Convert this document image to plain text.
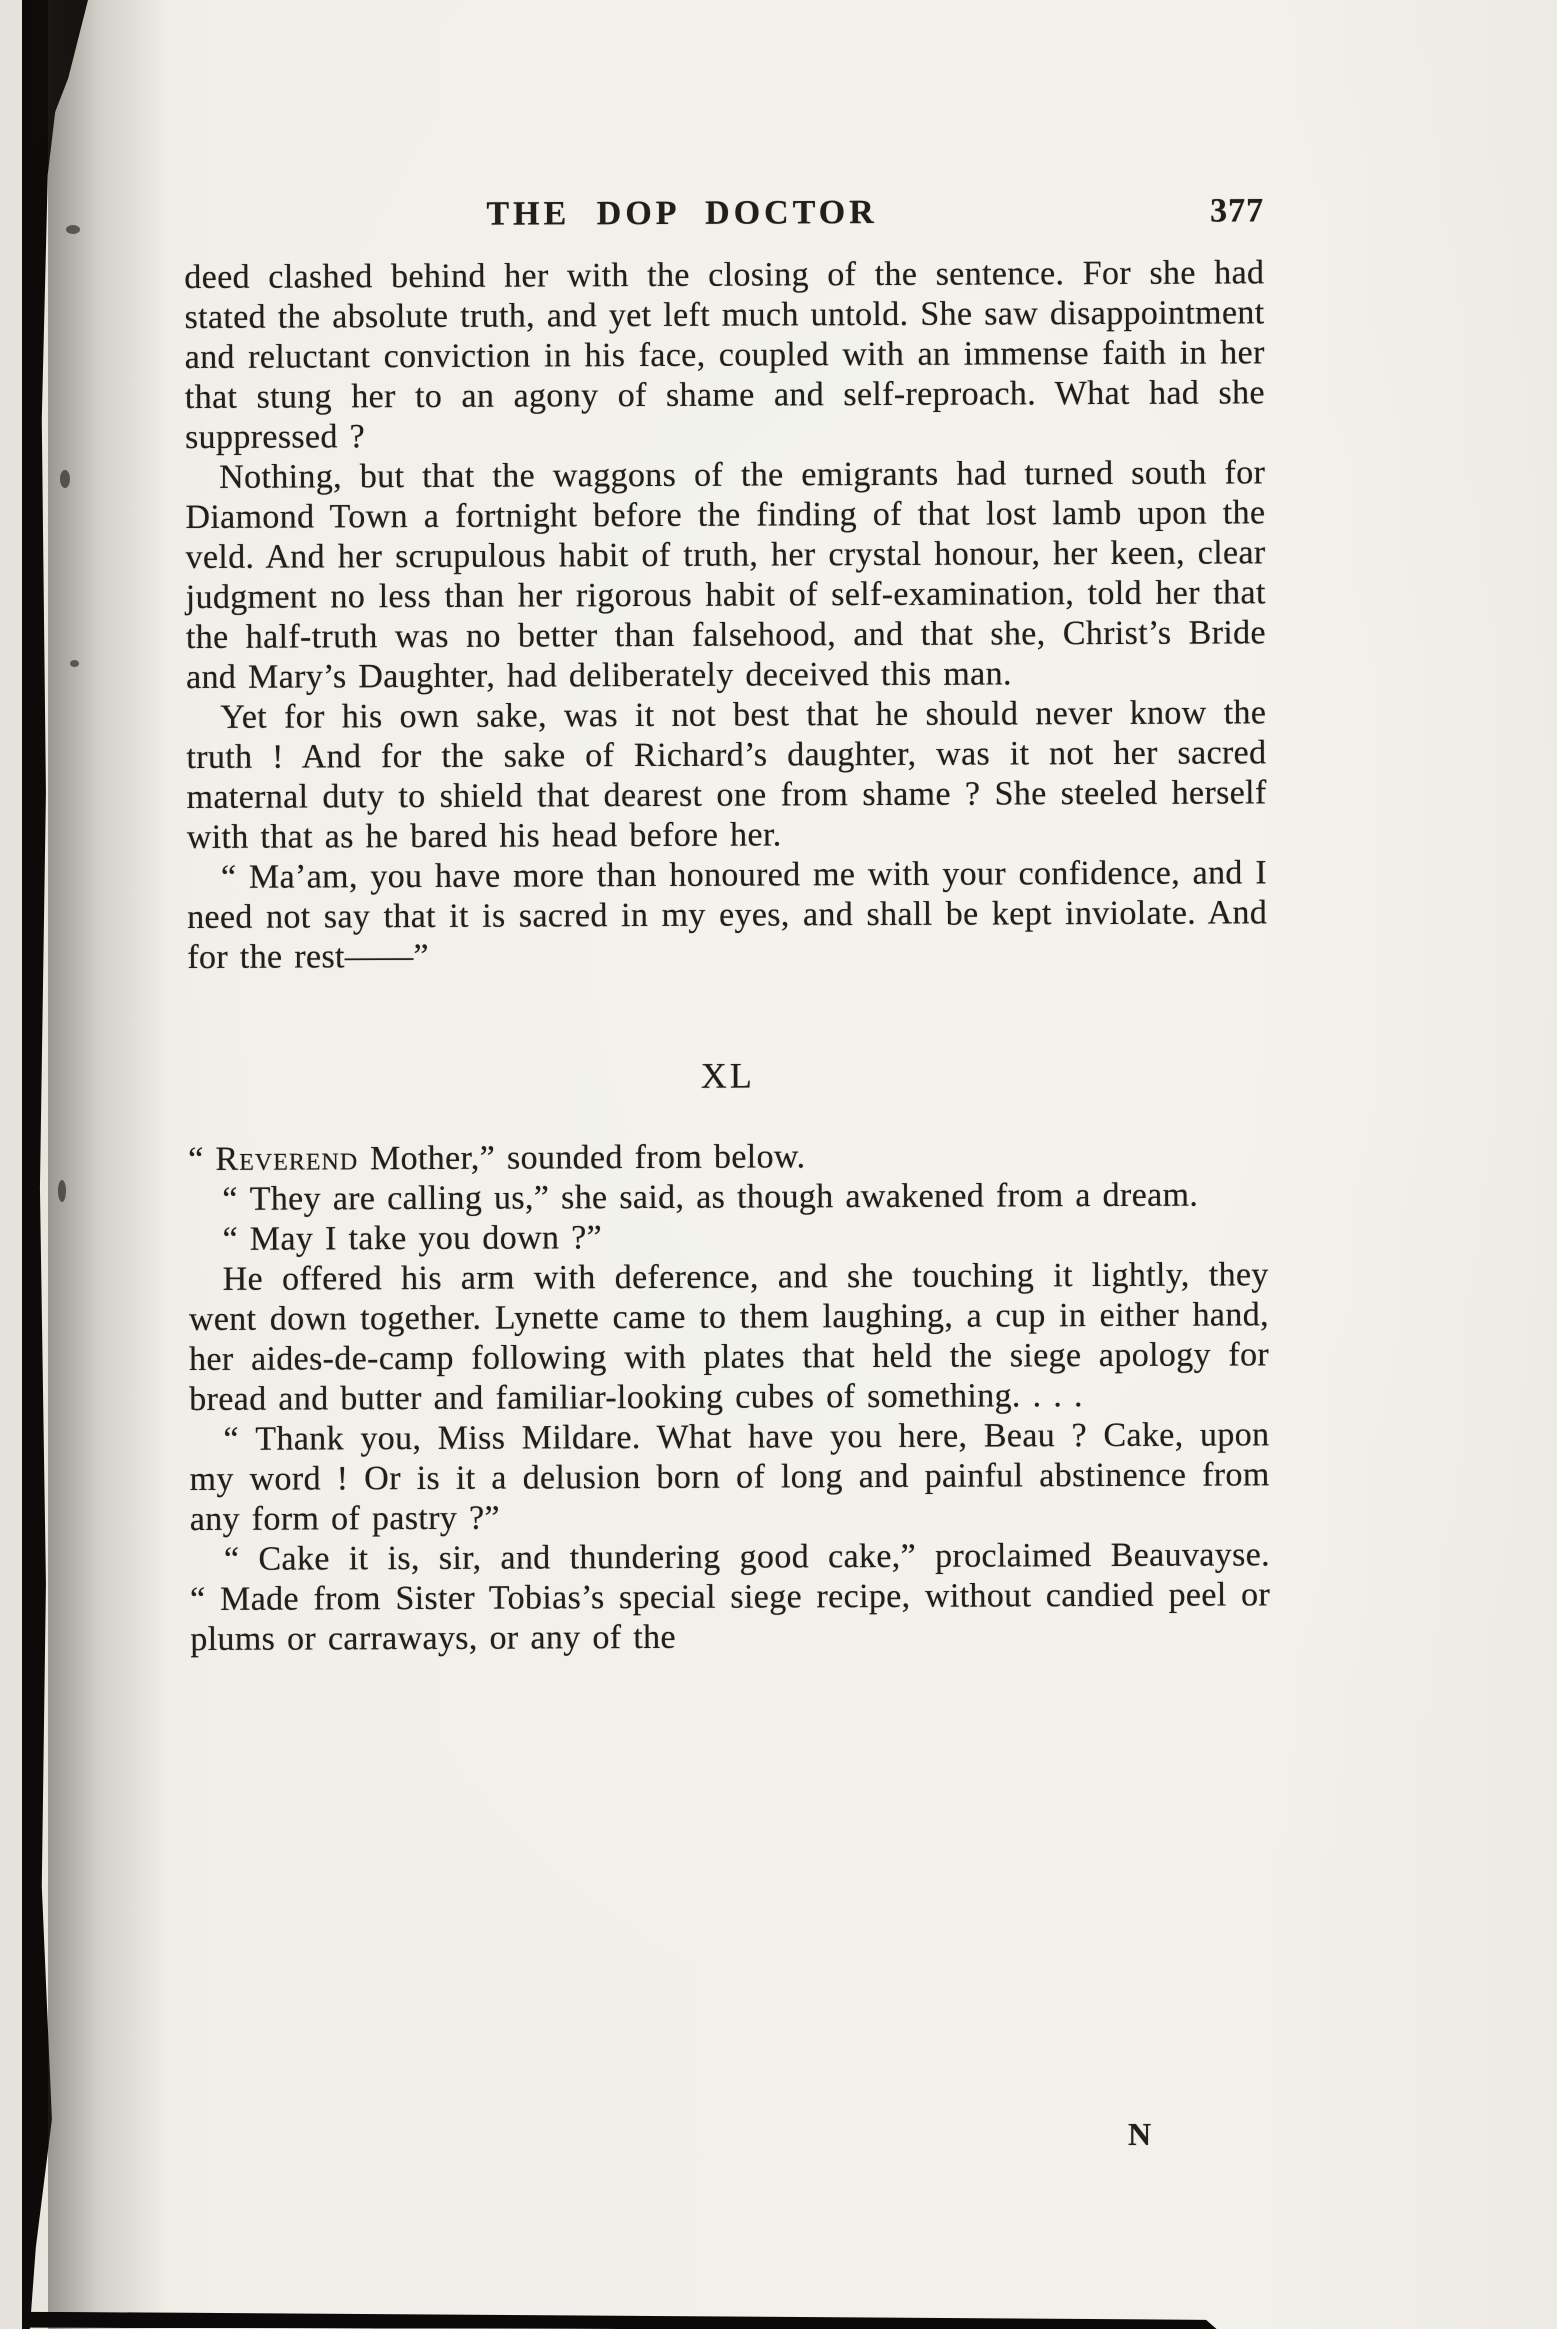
THE DOP DOCTOR	377

deed clashed behind her with the closing of the sentence. For she had stated the absolute truth, and yet left much untold. She saw disappointment and reluctant conviction in his face, coupled with an immense faith in her that stung her to an agony of shame and self-reproach. What had she suppressed ?

Nothing, but that the waggons of the emigrants had turned south for Diamond Town a fortnight before the finding of that lost lamb upon the veld. And her scrupulous habit of truth, her crystal honour, her keen, clear judgment no less than her rigorous habit of self-examination, told her that the half-truth was no better than falsehood, and that she, Christ’s Bride and Mary’s Daughter, had deliberately deceived this man.

Yet for his own sake, was it not best that he should never know the truth ! And for the sake of Richard’s daughter, was it not her sacred maternal duty to shield that dearest one from shame ? She steeled herself with that as he bared his head before her.

“ Ma’am, you have more than honoured me with your confidence, and I need not say that it is sacred in my eyes, and shall be kept inviolate. And for the rest——”

XL

“ Reverend Mother,” sounded from below.

“ They are calling us,” she said, as though awakened from a dream.

“ May I take you down ?”

He offered his arm with deference, and she touching it lightly, they went down together. Lynette came to them laughing, a cup in either hand, her aides-de-camp following with plates that held the siege apology for bread and butter and familiar-looking cubes of something. . . .

“ Thank you, Miss Mildare. What have you here, Beau ? Cake, upon my word ! Or is it a delusion born of long and painful abstinence from any form of pastry ?”

“ Cake it is, sir, and thundering good cake,” proclaimed Beauvayse. “ Made from Sister Tobias’s special siege recipe, without candied peel or plums or carraways, or any of the

N
